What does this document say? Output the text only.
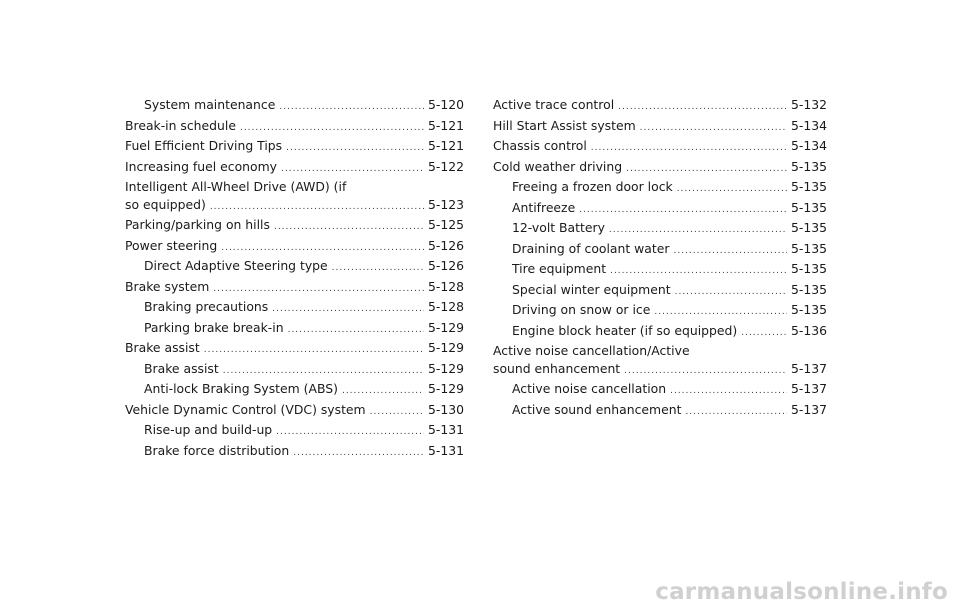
System maintenance .....	5-120
Break-in schedule .....	5-121
Fuel Efficient Driving Tips .....	5-121
Increasing fuel economy .....	5-122
Intelligent All-Wheel Drive (AWD) (if
so equipped) .....	5-123
Parking/parking on hills .....	5-125
Power steering .....	5-126
Direct Adaptive Steering type .....	5-126
Brake system .....	5-128
Braking precautions .....	5-128
Parking brake break-in .....	5-129
Brake assist .....	5-129
Brake assist .....	5-129
Anti-lock Braking System (ABS) .....	5-129
Vehicle Dynamic Control (VDC) system .....	5-130
Rise-up and build-up .....	5-131
Brake force distribution .....	5-131
Active trace control .....	5-132
Hill Start Assist system .....	5-134
Chassis control .....	5-134
Cold weather driving .....	5-135
Freeing a frozen door lock .....	5-135
Antifreeze .....	5-135
12-volt Battery .....	5-135
Draining of coolant water .....	5-135
Tire equipment .....	5-135
Special winter equipment .....	5-135
Driving on snow or ice .....	5-135
Engine block heater (if so equipped) .....	5-136
Active noise cancellation/Active
sound enhancement .....	5-137
Active noise cancellation .....	5-137
Active sound enhancement .....	5-137
carmanualsonline.info
